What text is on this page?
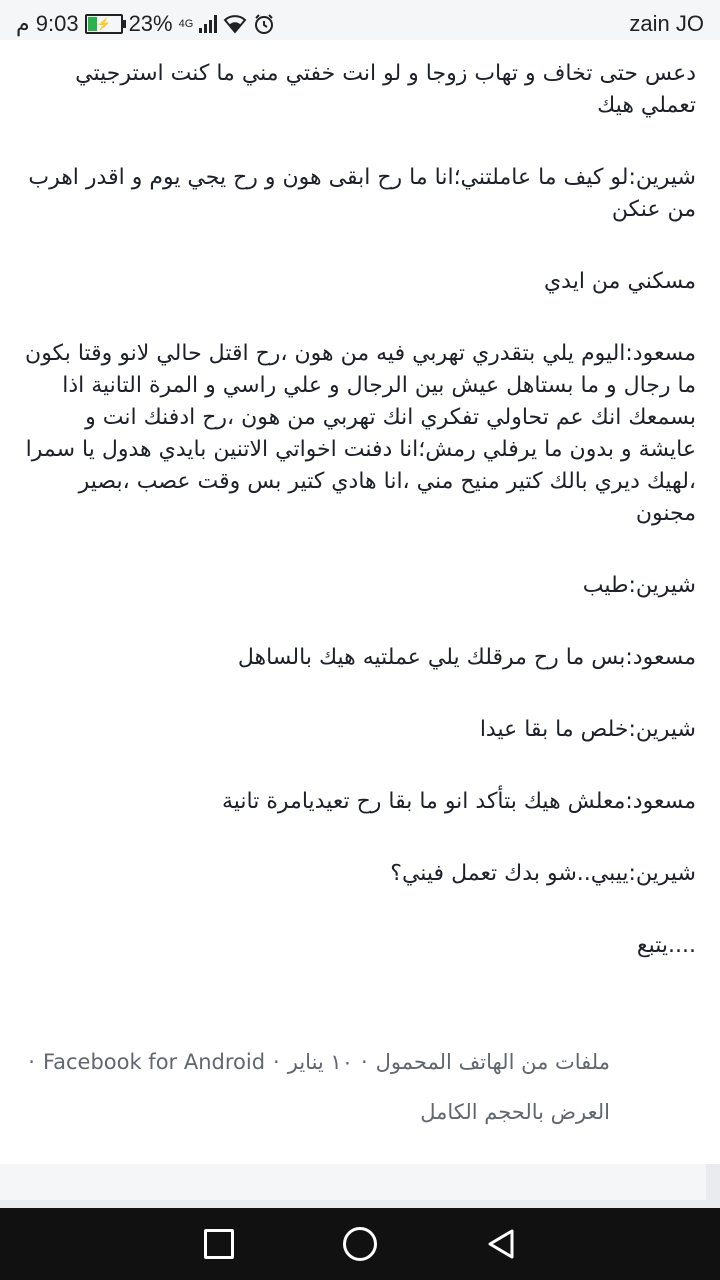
9:03 م ⚡ 23% 4G	zain JO

دعس حتى تخاف و تهاب زوجا و لو انت خفتي مني ما كنت استرجيتي تعملي هيك

شيرين:لو كيف ما عاملتني؛انا ما رح ابقى هون و رح يجي يوم و اقدر اهرب من عنكن

مسكني من ايدي

مسعود:اليوم يلي بتقدري تهربي فيه من هون ،رح اقتل حالي لانو وقتا بكون ما رجال و ما بستاهل عيش بين الرجال و علي راسي و المرة التانية اذا بسمعك انك عم تحاولي تفكري انك تهربي من هون ،رح ادفنك انت و عايشة و بدون ما يرفلي رمش؛انا دفنت اخواتي الاتنين بايدي هدول يا سمرا ،لهيك ديري بالك كتير منيح مني ،انا هادي كتير بس وقت عصب ،بصير مجنون

شيرين:طيب

مسعود:بس ما رح مرقلك يلي عملتيه هيك بالساهل

شيرين:خلص ما بقا عيدا

مسعود:معلش هيك بتأكد انو ما بقا رح تعيديامرة تانية

شيرين:ييبي..شو بدك تعمل فيني؟

....يتبع

ملفات من الهاتف المحمول
·
١٠ يناير
·
Facebook for Android
·
العرض بالحجم الكامل
